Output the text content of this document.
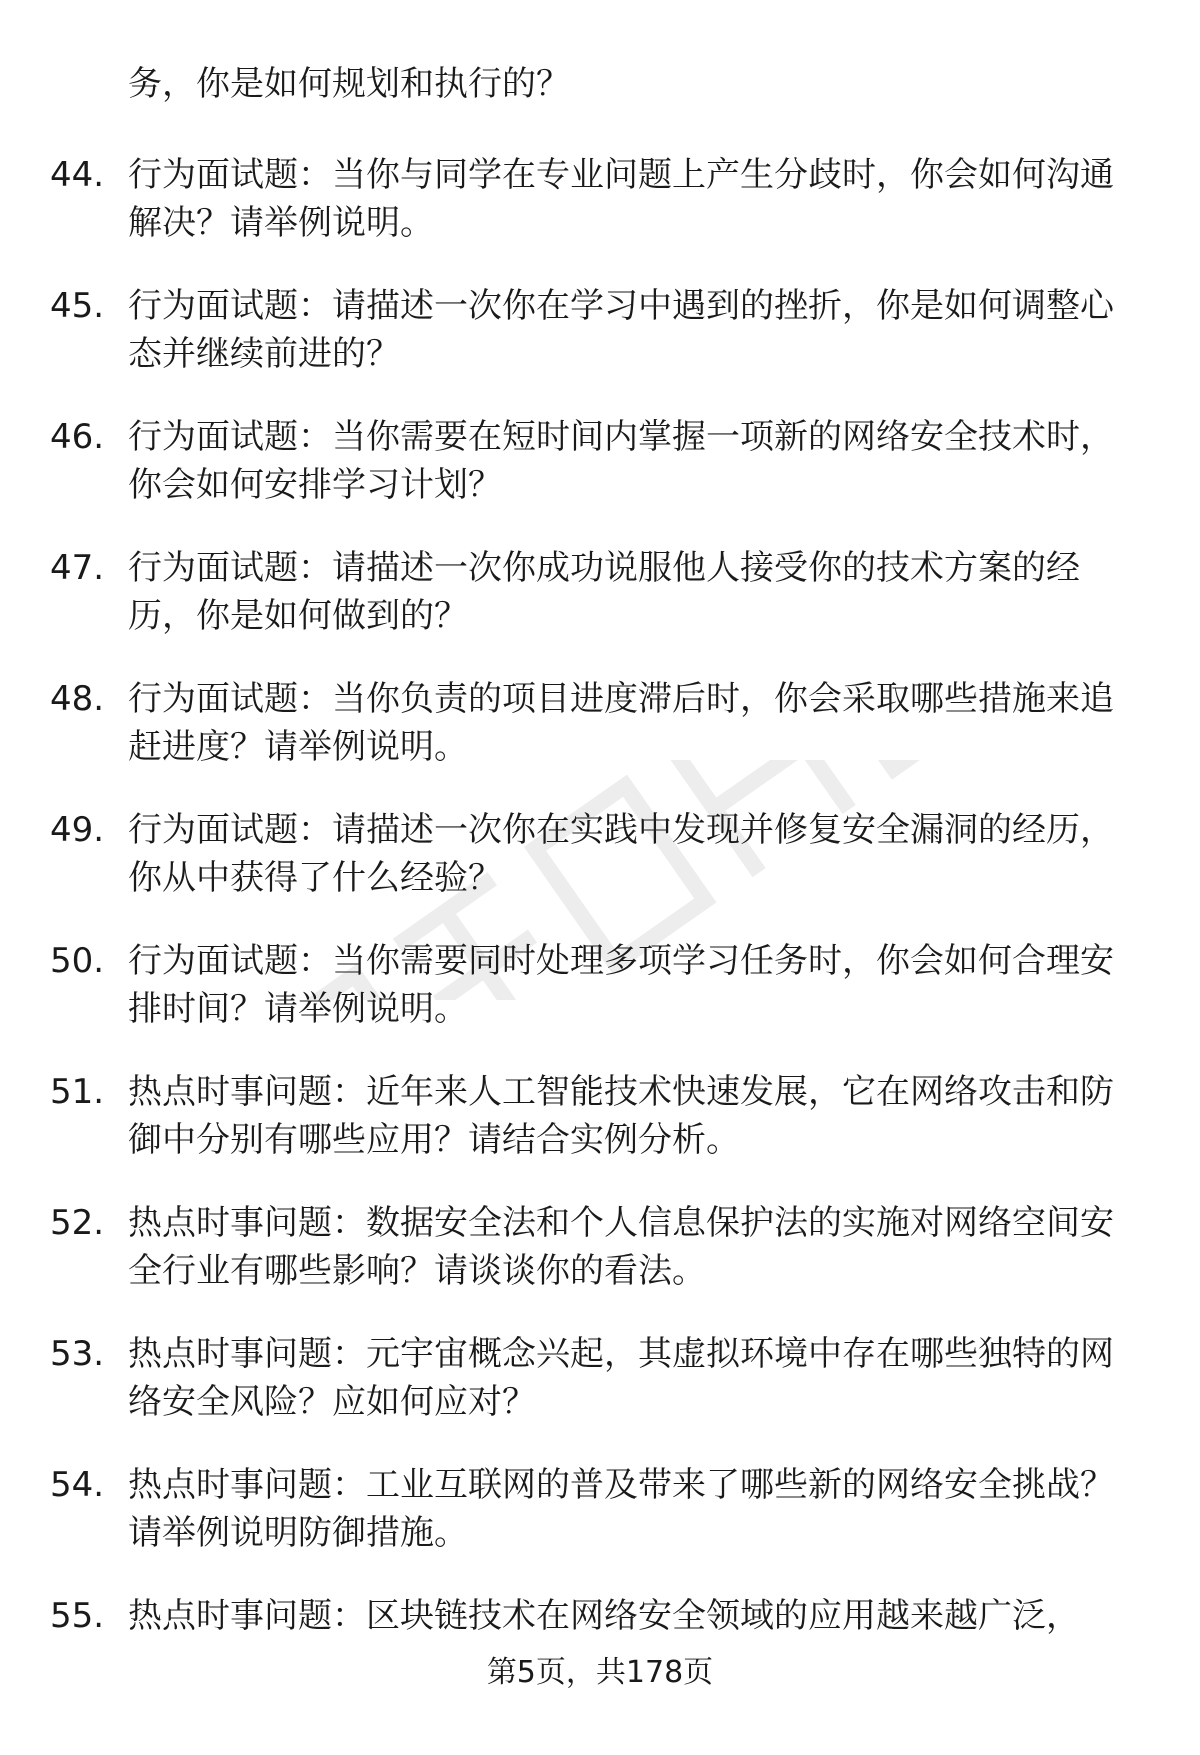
务，你是如何规划和执行的？

44. 行为面试题：当你与同学在专业问题上产生分歧时，你会如何沟通解决？请举例说明。

45. 行为面试题：请描述一次你在学习中遇到的挫折，你是如何调整心态并继续前进的？

46. 行为面试题：当你需要在短时间内掌握一项新的网络安全技术时，你会如何安排学习计划？

47. 行为面试题：请描述一次你成功说服他人接受你的技术方案的经历，你是如何做到的？

48. 行为面试题：当你负责的项目进度滞后时，你会采取哪些措施来追赶进度？请举例说明。

49. 行为面试题：请描述一次你在实践中发现并修复安全漏洞的经历，你从中获得了什么经验？

50. 行为面试题：当你需要同时处理多项学习任务时，你会如何合理安排时间？请举例说明。

51. 热点时事问题：近年来人工智能技术快速发展，它在网络攻击和防御中分别有哪些应用？请结合实例分析。

52. 热点时事问题：数据安全法和个人信息保护法的实施对网络空间安全行业有哪些影响？请谈谈你的看法。

53. 热点时事问题：元宇宙概念兴起，其虚拟环境中存在哪些独特的网络安全风险？应如何应对？

54. 热点时事问题：工业互联网的普及带来了哪些新的网络安全挑战？请举例说明防御措施。

55. 热点时事问题：区块链技术在网络安全领域的应用越来越广泛，

第5页，共178页
